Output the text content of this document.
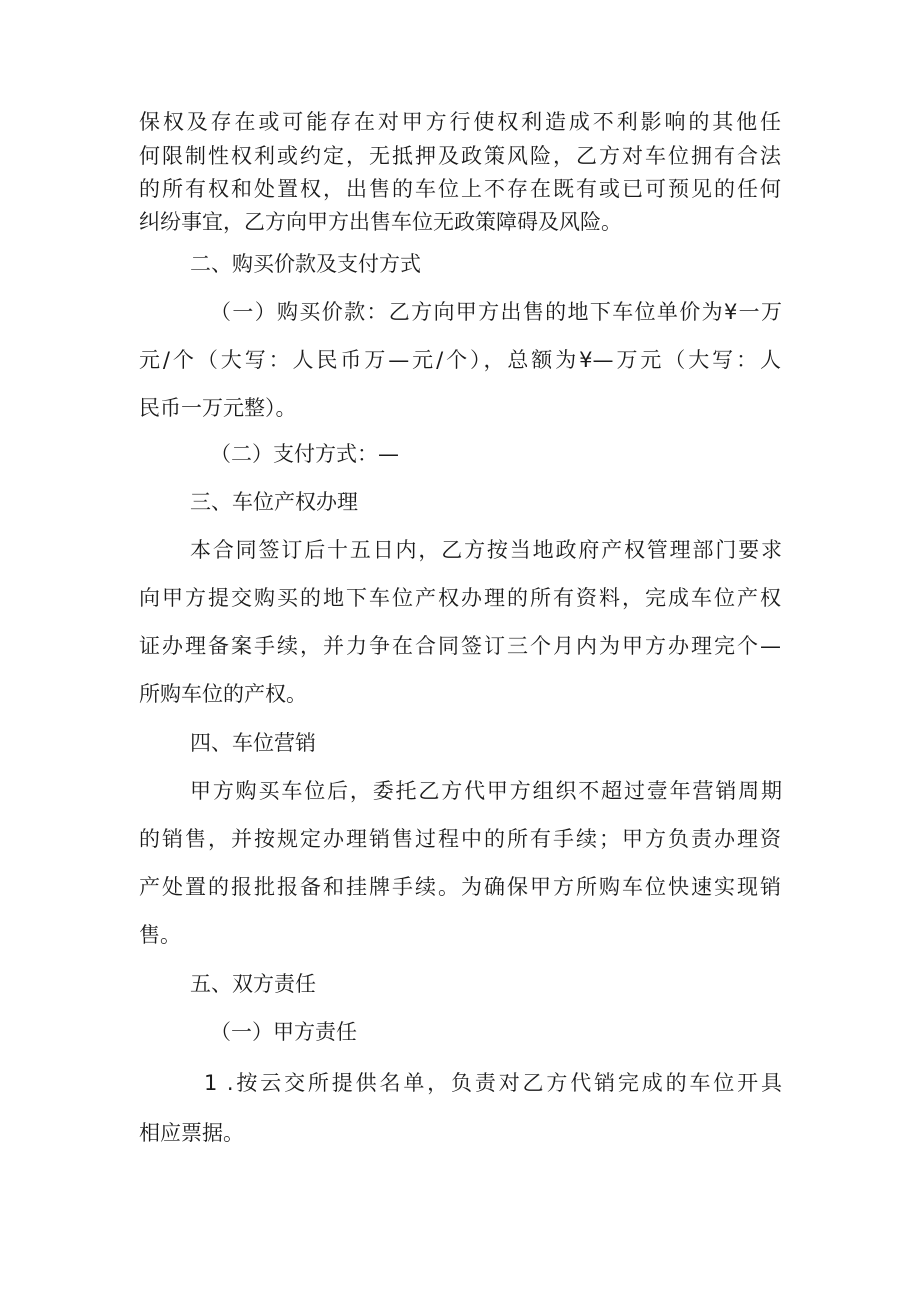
保权及存在或可能存在对甲方行使权利造成不利影响的其他任
何限制性权利或约定，无抵押及政策风险，乙方对车位拥有合法
的所有权和处置权，出售的车位上不存在既有或已可预见的任何
纠纷事宜，乙方向甲方出售车位无政策障碍及风险。
二、购买价款及支付方式
（一）购买价款：乙方向甲方出售的地下车位单价为¥一万
元/个（大写：人民币万—元/个），总额为¥—万元（大写：人
民币一万元整）。
（二）支付方式：—
三、车位产权办理
本合同签订后十五日内，乙方按当地政府产权管理部门要求
向甲方提交购买的地下车位产权办理的所有资料，完成车位产权
证办理备案手续，并力争在合同签订三个月内为甲方办理完个—
所购车位的产权。
四、车位营销
甲方购买车位后，委托乙方代甲方组织不超过壹年营销周期
的销售，并按规定办理销售过程中的所有手续；甲方负责办理资
产处置的报批报备和挂牌手续。为确保甲方所购车位快速实现销
售。
五、双方责任
（一）甲方责任
1 .按云交所提供名单，负责对乙方代销完成的车位开具
相应票据。
